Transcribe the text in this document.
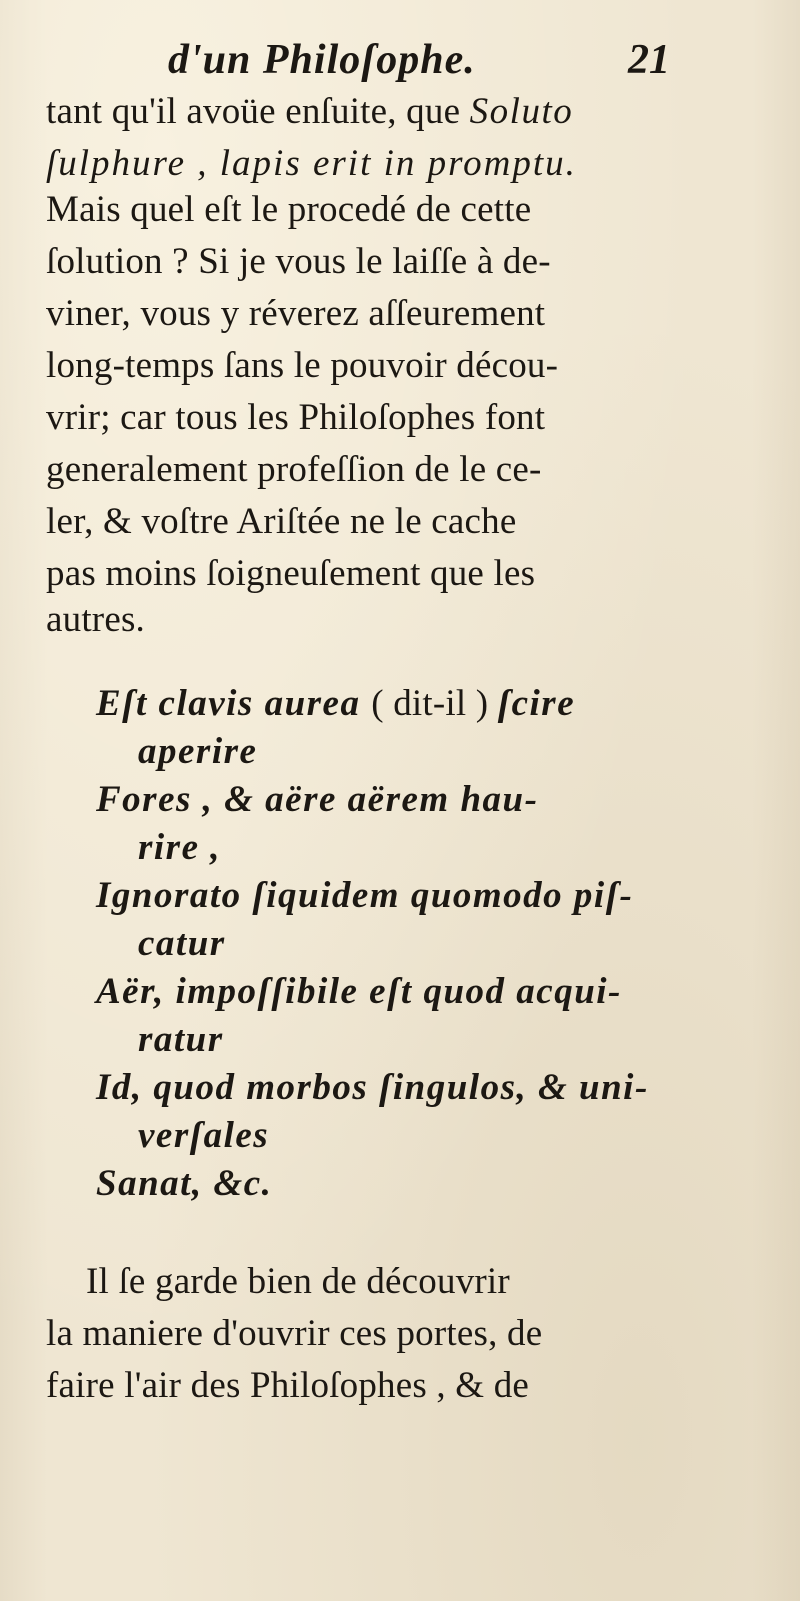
d'un Philoſophe.	21
tant qu'il avoüe enſuite, que Soluto
ſulphure , lapis erit in promptu.
Mais quel eſt le procedé de cette
ſolution ? Si je vous le laiſſe à de-
viner, vous y réverez aſſeurement
long-temps ſans le pouvoir décou-
vrir; car tous les Philoſophes font
generalement profeſſion de le ce-
ler, & voſtre Ariſtée ne le cache
pas moins ſoigneuſement que les
autres.
Eſt clavis aurea ( dit-il ) ſcire
aperire
Fores , & aëre aërem hau-
rire ,
Ignorato ſiquidem quomodo piſ-
catur
Aër, impoſſibile eſt quod acqui-
ratur
Id, quod morbos ſingulos, & uni-
verſales
Sanat, &c.
Il ſe garde bien de découvrir
la maniere d'ouvrir ces portes, de
faire l'air des Philoſophes , & de
